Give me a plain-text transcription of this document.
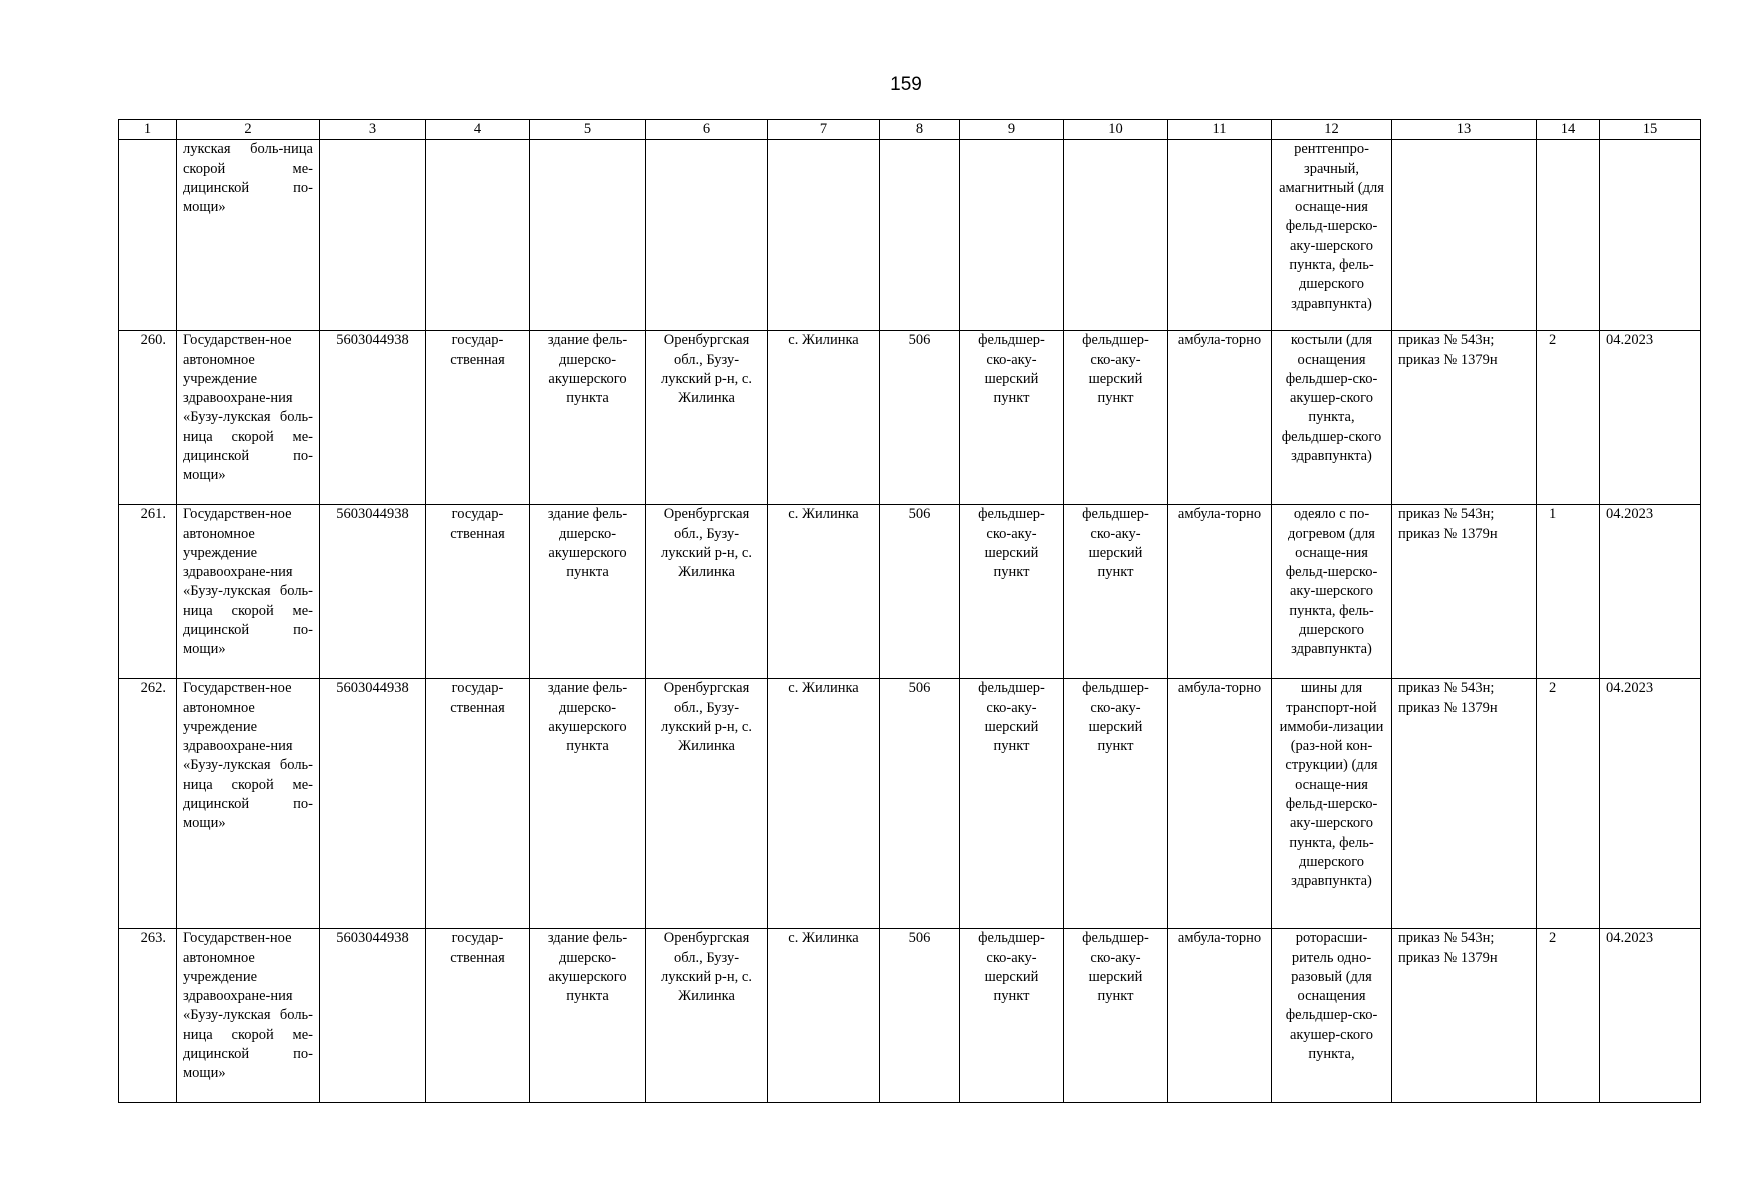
159
1	2	3	4	5	6	7	8	9	10	11	12	13	14	15
	лукская боль-ница скорой ме-дицинской по-мощи»										рентгенпро-зрачный, амагнитный (для оснаще-ния фельд-шерско-аку-шерского пункта, фель-дшерского здравпункта)			
260.	Государствен-ное автономное учреждение здравоохране-ния «Бузу-лукская боль-ница скорой ме-дицинской по-мощи»	5603044938	государ-ственная	здание фель-дшерско-акушерского пункта	Оренбургская обл., Бузу-лукский р-н, с. Жилинка	с. Жилинка	506	фельдшер-ско-аку-шерский пункт	фельдшер-ско-аку-шерский пункт	амбула-торно	костыли (для оснащения фельдшер-ско-акушер-ского пункта, фельдшер-ского здравпункта)	приказ № 543н; приказ № 1379н	2	04.2023
261.	Государствен-ное автономное учреждение здравоохране-ния «Бузу-лукская боль-ница скорой ме-дицинской по-мощи»	5603044938	государ-ственная	здание фель-дшерско-акушерского пункта	Оренбургская обл., Бузу-лукский р-н, с. Жилинка	с. Жилинка	506	фельдшер-ско-аку-шерский пункт	фельдшер-ско-аку-шерский пункт	амбула-торно	одеяло с по-догревом (для оснаще-ния фельд-шерско-аку-шерского пункта, фель-дшерского здравпункта)	приказ № 543н; приказ № 1379н	1	04.2023
262.	Государствен-ное автономное учреждение здравоохране-ния «Бузу-лукская боль-ница скорой ме-дицинской по-мощи»	5603044938	государ-ственная	здание фель-дшерско-акушерского пункта	Оренбургская обл., Бузу-лукский р-н, с. Жилинка	с. Жилинка	506	фельдшер-ско-аку-шерский пункт	фельдшер-ско-аку-шерский пункт	амбула-торно	шины для транспорт-ной иммоби-лизации (раз-ной кон-струкции) (для оснаще-ния фельд-шерско-аку-шерского пункта, фель-дшерского здравпункта)	приказ № 543н; приказ № 1379н	2	04.2023
263.	Государствен-ное автономное учреждение здравоохране-ния «Бузу-лукская боль-ница скорой ме-дицинской по-мощи»	5603044938	государ-ственная	здание фель-дшерско-акушерского пункта	Оренбургская обл., Бузу-лукский р-н, с. Жилинка	с. Жилинка	506	фельдшер-ско-аку-шерский пункт	фельдшер-ско-аку-шерский пункт	амбула-торно	роторасши-ритель одно-разовый (для оснащения фельдшер-ско-акушер-ского пункта,	приказ № 543н; приказ № 1379н	2	04.2023
